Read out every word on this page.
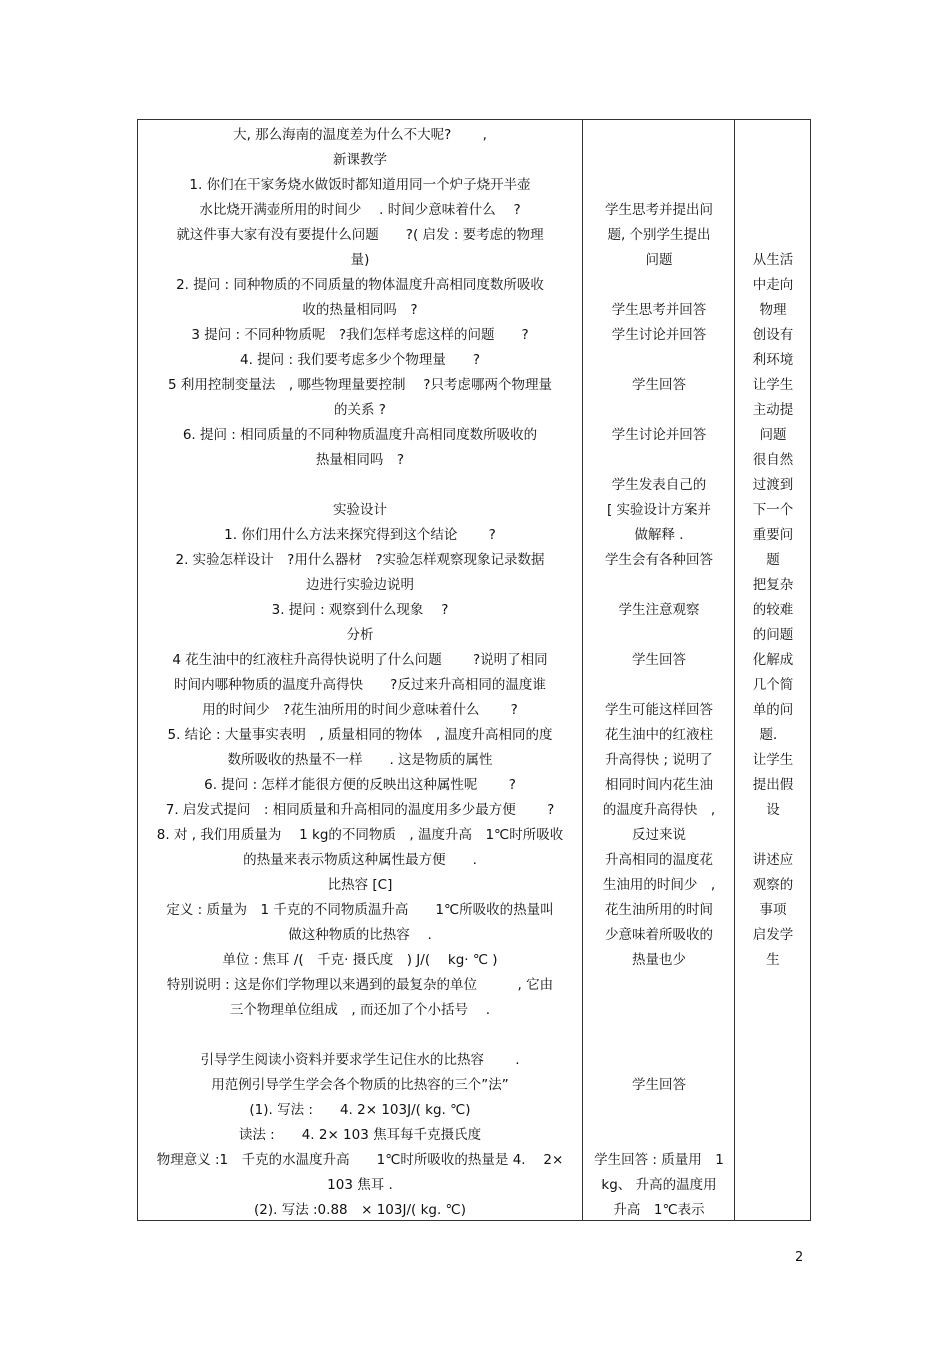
大, 那么海南的温度差为什么不大呢?　　 ,
新课教学
1. 你们在干家务烧水做饭时都知道用同一个炉子烧开半壶
水比烧开满壶所用的时间少　 . 时间少意味着什么　 ?
就这件事大家有没有要提什么问题　　?( 启发 : 要考虑的物理
量)
2. 提问 : 同种物质的不同质量的物体温度升高相同度数所吸收
收的热量相同吗　?
3 提问 : 不同种物质呢　?我们怎样考虑这样的问题　　?
4. 提问 : 我们要考虑多少个物理量　　?
5 利用控制变量法　, 哪些物理量要控制　 ?只考虑哪两个物理量
的关系 ?
6. 提问 : 相同质量的不同种物质温度升高相同度数所吸收的
热量相同吗　?
实验设计
1. 你们用什么方法来探究得到这个结论　　 ?
2. 实验怎样设计　?用什么器材　?实验怎样观察现象记录数据
边进行实验边说明
3. 提问 : 观察到什么现象　 ?
分析
4 花生油中的红液柱升高得快说明了什么问题　　 ?说明了相同
时间内哪种物质的温度升高得快　　?反过来升高相同的温度谁
用的时间少　?花生油所用的时间少意味着什么　　 ?
5. 结论 : 大量事实表明　, 质量相同的物体　, 温度升高相同的度
数所吸收的热量不一样　　. 这是物质的属性
6. 提问 : 怎样才能很方便的反映出这种属性呢　　 ?
7. 启发式提问　: 相同质量和升高相同的温度用多少最方便　　 ?
8. 对 , 我们用质量为　 1 kg的不同物质　, 温度升高　1℃时所吸收
的热量来表示物质这种属性最方便　　.
比热容 [C]
定义 : 质量为　1 千克的不同物质温升高　　1℃所吸收的热量叫
做这种物质的比热容　 .
单位 : 焦耳 /(　千克· 摄氏度　) J/(　 kg· ℃ )
特别说明 : 这是你们学物理以来遇到的最复杂的单位　　　, 它由
三个物理单位组成　, 而还加了个小括号　 .
引导学生阅读小资料并要求学生记住水的比热容　　 .
用范例引导学生学会各个物质的比热容的三个”法”
(1). 写法 :　　4. 2× 103J/( kg. ℃)
读法 :　　4. 2× 103 焦耳每千克摄氏度
物理意义 :1　千克的水温度升高　　1℃时所吸收的热量是 4.　 2×
103 焦耳 .
(2). 写法 :0.88　× 103J/( kg. ℃)
学生思考并提出问
题, 个别学生提出
问题
学生思考并回答
学生讨论并回答
学生回答
学生讨论并回答
学生发表自己的
[ 实验设计方案并
做解释 .
学生会有各种回答
学生注意观察
学生回答
学生可能这样回答
花生油中的红液柱
升高得快 ; 说明了
相同时间内花生油
的温度升高得快　,
反过来说
升高相同的温度花
生油用的时间少　,
花生油所用的时间
少意味着所吸收的
热量也少
学生回答
学生回答 : 质量用　1
kg、 升高的温度用
升高　1℃表示
从生活
中走向
物理
创设有
利环境
让学生
主动提
问题
很自然
过渡到
下一个
重要问
题
把复杂
的较难
的问题
化解成
几个简
单的问
题．
让学生
提出假
设
讲述应
观察的
事项
启发学
生
2
